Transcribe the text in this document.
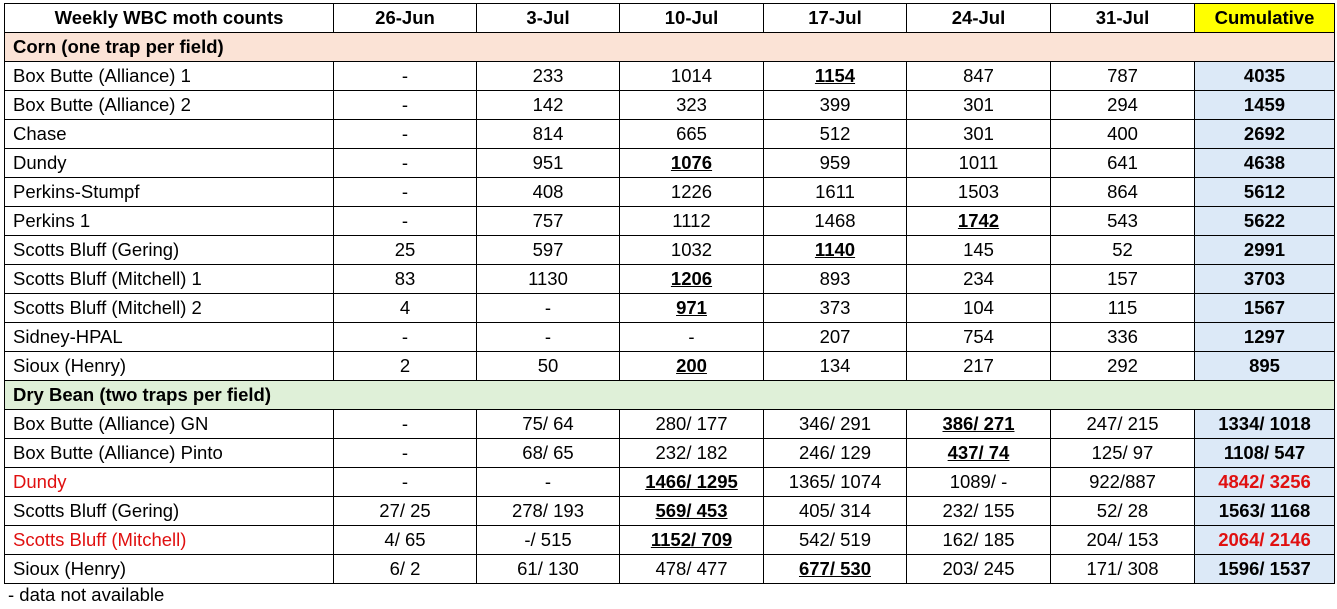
Weekly WBC moth counts	26-Jun	3-Jul	10-Jul	17-Jul	24-Jul	31-Jul	Cumulative
Corn (one trap per field)							
Box Butte (Alliance) 1	-	233	1014	1154	847	787	4035
Box Butte (Alliance) 2	-	142	323	399	301	294	1459
Chase	-	814	665	512	301	400	2692
Dundy	-	951	1076	959	1011	641	4638
Perkins-Stumpf	-	408	1226	1611	1503	864	5612
Perkins 1	-	757	1112	1468	1742	543	5622
Scotts Bluff (Gering)	25	597	1032	1140	145	52	2991
Scotts Bluff (Mitchell) 1	83	1130	1206	893	234	157	3703
Scotts Bluff (Mitchell) 2	4	-	971	373	104	115	1567
Sidney-HPAL	-	-	-	207	754	336	1297
Sioux (Henry)	2	50	200	134	217	292	895
Dry Bean (two traps per field)							
Box Butte (Alliance) GN	-	75/ 64	280/ 177	346/ 291	386/ 271	247/ 215	1334/ 1018
Box Butte (Alliance) Pinto	-	68/ 65	232/ 182	246/ 129	437/ 74	125/ 97	1108/ 547
Dundy	-	-	1466/ 1295	1365/ 1074	1089/ -	922/887	4842/ 3256
Scotts Bluff (Gering)	27/ 25	278/ 193	569/ 453	405/ 314	232/ 155	52/ 28	1563/ 1168
Scotts Bluff (Mitchell)	4/ 65	-/ 515	1152/ 709	542/ 519	162/ 185	204/ 153	2064/ 2146
Sioux (Henry)	6/ 2	61/ 130	478/ 477	677/ 530	203/ 245	171/ 308	1596/ 1537
- data not available
